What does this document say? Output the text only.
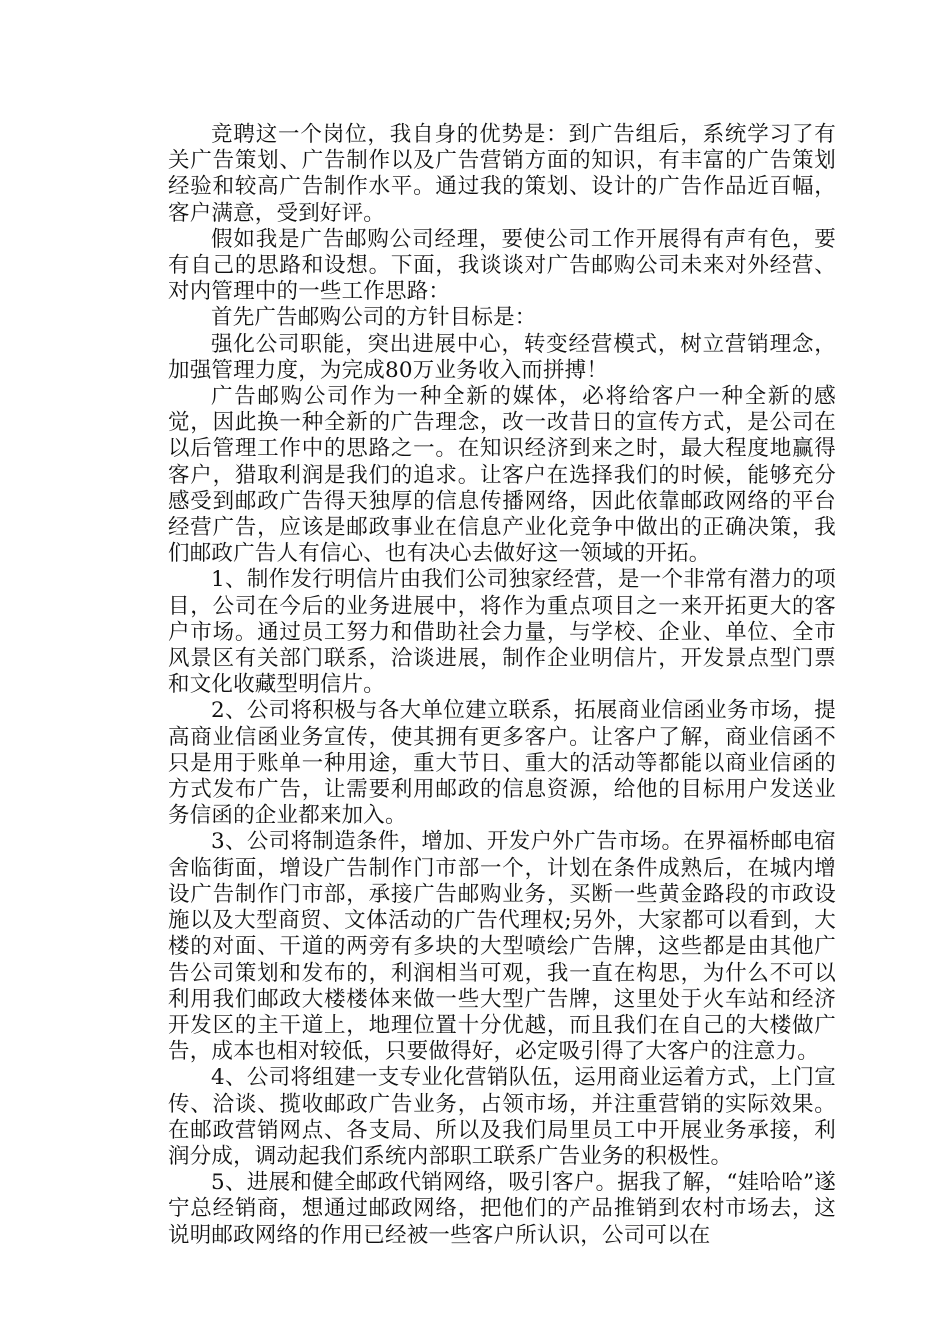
竞聘这一个岗位，我自身的优势是：到广告组后，系统学习了有关广告策划、广告制作以及广告营销方面的知识，有丰富的广告策划经验和较高广告制作水平。通过我的策划、设计的广告作品近百幅，客户满意，受到好评。

假如我是广告邮购公司经理，要使公司工作开展得有声有色，要有自己的思路和设想。下面，我谈谈对广告邮购公司未来对外经营、对内管理中的一些工作思路：

首先广告邮购公司的方针目标是：

强化公司职能，突出进展中心，转变经营模式，树立营销理念，加强管理力度，为完成80万业务收入而拼搏！

广告邮购公司作为一种全新的媒体，必将给客户一种全新的感觉，因此换一种全新的广告理念，改一改昔日的宣传方式，是公司在以后管理工作中的思路之一。在知识经济到来之时，最大程度地赢得客户，猎取利润是我们的追求。让客户在选择我们的时候，能够充分感受到邮政广告得天独厚的信息传播网络，因此依靠邮政网络的平台经营广告，应该是邮政事业在信息产业化竞争中做出的正确决策，我们邮政广告人有信心、也有决心去做好这一领域的开拓。

1、制作发行明信片由我们公司独家经营，是一个非常有潜力的项目，公司在今后的业务进展中，将作为重点项目之一来开拓更大的客户市场。通过员工努力和借助社会力量，与学校、企业、单位、全市风景区有关部门联系，洽谈进展，制作企业明信片，开发景点型门票和文化收藏型明信片。

2、公司将积极与各大单位建立联系，拓展商业信函业务市场，提高商业信函业务宣传，使其拥有更多客户。让客户了解，商业信函不只是用于账单一种用途，重大节日、重大的活动等都能以商业信函的方式发布广告，让需要利用邮政的信息资源，给他的目标用户发送业务信函的企业都来加入。

3、公司将制造条件，增加、开发户外广告市场。在界福桥邮电宿舍临街面，增设广告制作门市部一个，计划在条件成熟后，在城内增设广告制作门市部，承接广告邮购业务，买断一些黄金路段的市政设施以及大型商贸、文体活动的广告代理权;另外，大家都可以看到，大楼的对面、干道的两旁有多块的大型喷绘广告牌，这些都是由其他广告公司策划和发布的，利润相当可观，我一直在构思，为什么不可以利用我们邮政大楼楼体来做一些大型广告牌，这里处于火车站和经济开发区的主干道上，地理位置十分优越，而且我们在自己的大楼做广告，成本也相对较低，只要做得好，必定吸引得了大客户的注意力。

4、公司将组建一支专业化营销队伍，运用商业运着方式，上门宣传、洽谈、揽收邮政广告业务，占领市场，并注重营销的实际效果。在邮政营销网点、各支局、所以及我们局里员工中开展业务承接，利润分成，调动起我们系统内部职工联系广告业务的积极性。

5、进展和健全邮政代销网络，吸引客户。据我了解，“娃哈哈”遂宁总经销商，想通过邮政网络，把他们的产品推销到农村市场去，这说明邮政网络的作用已经被一些客户所认识，公司可以在
